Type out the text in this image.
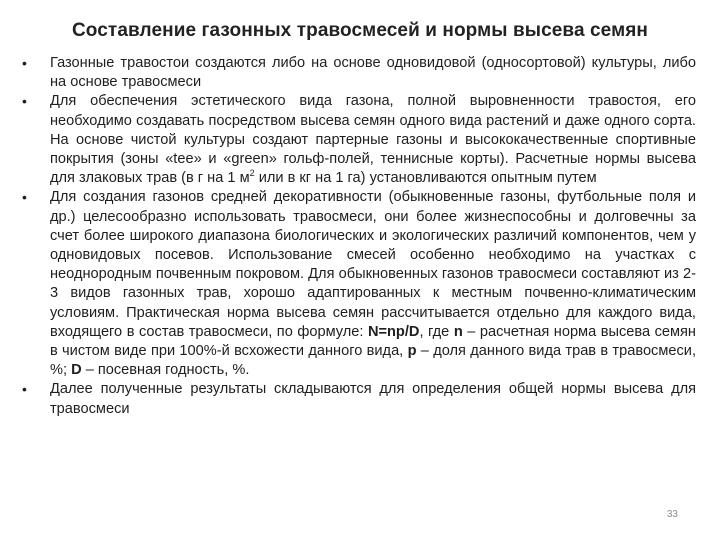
Составление газонных травосмесей и нормы высева семян
• Газонные травостои создаются либо на основе одновидовой (односортовой) культуры, либо на основе травосмеси
• Для обеспечения эстетического вида газона, полной выровненности травостоя, его необходимо создавать посредством высева семян одного вида растений и даже одного сорта. На основе чистой культуры создают партерные газоны и высококачественные спортивные покрытия (зоны «tee» и «green» гольф-полей, теннисные корты). Расчетные нормы высева для злаковых трав (в г на 1 $м^2$ или в кг на 1 га) установливаются опытным путем
• Для создания газонов средней декоративности (обыкновенные газоны, футбольные поля и др.) целесообразно использовать травосмеси, они более жизнеспособны и долговечны за счет более широкого диапазона биологических и экологических различий компонентов, чем у одновидовых посевов. Использование смесей особенно необходимо на участках с неоднородным почвенным покровом. Для обыкновенных газонов травосмеси составляют из 2-3 видов газонных трав, хорошо адаптированных к местным почвенно-климатическим условиям. Практическая норма высева семян рассчитывается отдельно для каждого вида, входящего в состав травосмеси, по формуле: N=np/D, где n – расчетная норма высева семян в чистом виде при 100%-й всхожести данного вида, p – доля данного вида трав в травосмеси, %; D – посевная годность, %.
• Далее полученные результаты складываются для определения общей нормы высева для травосмеси
33
